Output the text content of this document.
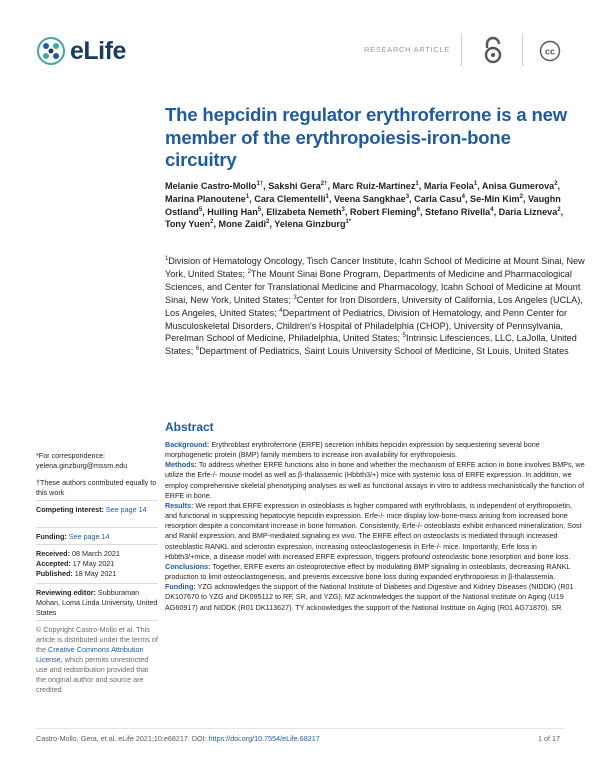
eLife	RESEARCH ARTICLE	cc
The hepcidin regulator erythroferrone is a new member of the erythropoiesis-iron-bone circuitry
Melanie Castro-Mollo$^{1\dagger}$, Sakshi Gera$^{2\dagger}$, Marc Ruiz-Martinez$^1$, Maria Feola$^1$, Anisa Gumerova$^2$, Marina Planoutene$^1$, Cara Clementelli$^1$, Veena Sangkhae$^3$, Carla Casu$^4$, Se-Min Kim$^2$, Vaughn Ostland$^5$, Huiling Han$^5$, Elizabeta Nemeth$^3$, Robert Fleming$^6$, Stefano Rivella$^4$, Daria Lizneva$^2$, Tony Yuen$^2$, Mone Zaidi$^2$, Yelena Ginzburg$^{1*}$
$^1$Division of Hematology Oncology, Tisch Cancer Institute, Icahn School of Medicine at Mount Sinai, New York, United States; $^2$The Mount Sinai Bone Program, Departments of Medicine and Pharmacological Sciences, and Center for Translational Medicine and Pharmacology, Icahn School of Medicine at Mount Sinai, New York, United States; $^3$Center for Iron Disorders, University of California, Los Angeles (UCLA), Los Angeles, United States; $^4$Department of Pediatrics, Division of Hematology, and Penn Center for Musculoskeletal Disorders, Children's Hospital of Philadelphia (CHOP), University of Pennsylvania, Perelman School of Medicine, Philadelphia, United States; $^5$Intrinsic Lifesciences, LLC, LaJolla, United States; $^6$Department of Pediatrics, Saint Louis University School of Medicine, St Louis, United States
Abstract
Background: Erythroblast erythroferrone (ERFE) secretion inhibits hepcidin expression by sequestering several bone morphogenetic protein (BMP) family members to increase iron availability for erythropoiesis.
Methods: To address whether ERFE functions also in bone and whether the mechanism of ERFE action in bone involves BMPs, we utilize the Erfe-/- mouse model as well as β-thalassemic (Hbbth3/+) mice with systemic loss of ERFE expression. In addition, we employ comprehensive skeletal phenotyping analyses as well as functional assays in vitro to address mechanistically the function of ERFE in bone.
Results: We report that ERFE expression in osteoblasts is higher compared with erythroblasts, is independent of erythropoietin, and functional in suppressing hepatocyte hepcidin expression. Erfe-/- mice display low-bone-mass arising from increased bone resorption despite a concomitant increase in bone formation. Consistently, Erfe-/- osteoblasts exhibit enhanced mineralization, Sost and Rankl expression, and BMP-mediated signaling ex vivo. The ERFE effect on osteoclasts is mediated through increased osteoblastic RANKL and sclerostin expression, increasing osteoclastogenesis in Erfe-/- mice. Importantly, Erfe loss in Hbbth3/+mice, a disease model with increased ERFE expression, triggers profound osteoclastic bone resorption and bone loss.
Conclusions: Together, ERFE exerts an osteoprotective effect by modulating BMP signaling in osteoblasts, decreasing RANKL production to limit osteoclastogenesis, and prevents excessive bone loss during expanded erythropoiesis in β-thalassemia.
Funding: YZG acknowledges the support of the National Institute of Diabetes and Digestive and Kidney Diseases (NIDDK) (R01 DK107670 to YZG and DK095112 to RF, SR, and YZG). MZ acknowledges the support of the National Institute on Aging (U19 AG60917) and NIDDK (R01 DK113627). TY acknowledges the support of the National Institute on Aging (R01 AG71870). SR
*For correspondence:
yelena.ginzburg@mssm.edu
†These authors contributed equally to this work
Competing interest: See page 14
Funding: See page 14
Received: 08 March 2021
Accepted: 17 May 2021
Published: 18 May 2021
Reviewing editor: Subburaman Mohan, Loma Linda University, United States
© Copyright Castro-Mollo et al. This article is distributed under the terms of the Creative Commons Attribution License, which permits unrestricted use and redistribution provided that the original author and source are credited.
Castro-Mollo, Gera, et al. eLife 2021;10:e68217. DOI: https://doi.org/10.7554/eLife.68217	1 of 17
